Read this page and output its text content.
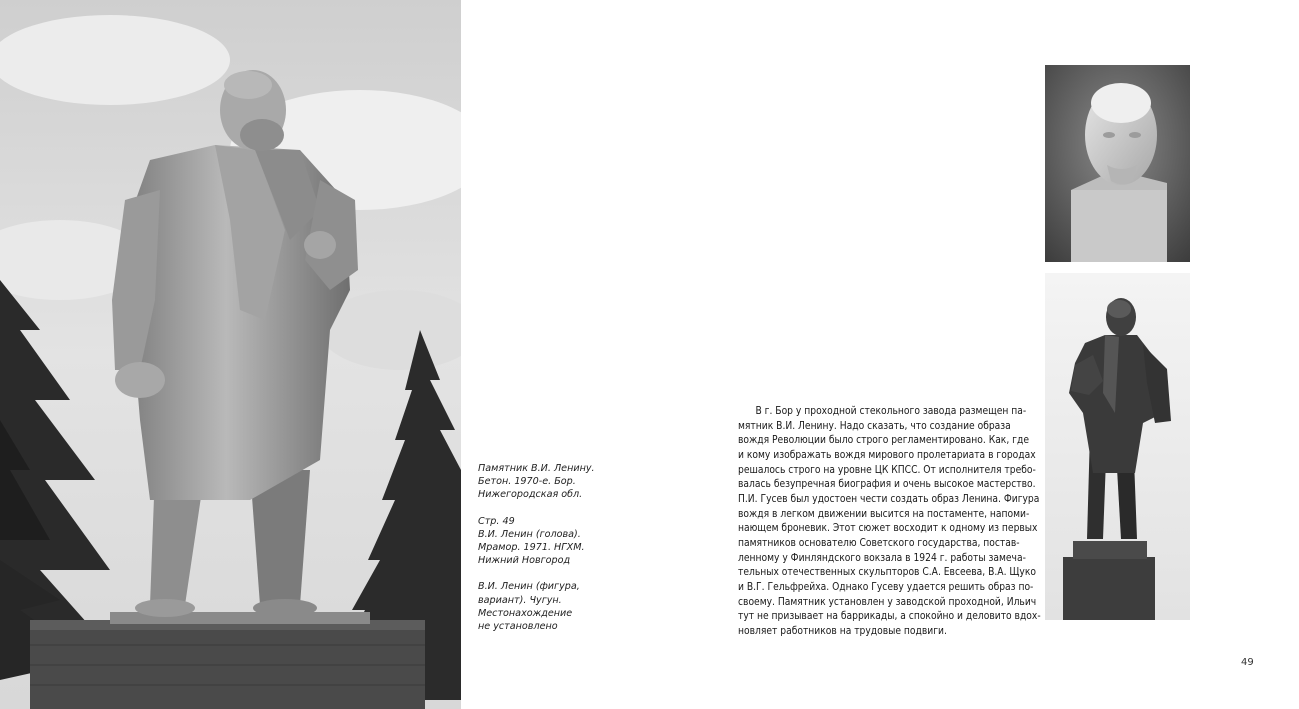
Памятник В.И. Ленину.
Бетон. 1970-е. Бор.
Нижегородская обл.

Стр. 49
В.И. Ленин (голова).
Мрамор. 1971. НГХМ.
Нижний Новгород

В.И. Ленин (фигура,
вариант). Чугун.
Местонахождение
не установлено

В г. Бор у проходной стекольного завода размещен па-
мятник В.И. Ленину. Надо сказать, что создание образа
вождя Революции было строго регламентировано. Как, где
и кому изображать вождя мирового пролетариата в городах
решалось строго на уровне ЦК КПСС. От исполнителя требо-
валась безупречная биография и очень высокое мастерство.
П.И. Гусев был удостоен чести создать образ Ленина. Фигура
вождя в легком движении высится на постаменте, напоми-
нающем броневик. Этот сюжет восходит к одному из первых
памятников основателю Советского государства, постав-
ленному у Финляндского вокзала в 1924 г. работы замеча-
тельных отечественных скульпторов С.А. Евсеева, В.А. Щуко
и В.Г. Гельфрейха. Однако Гусеву удается решить образ по-
своему. Памятник установлен у заводской проходной, Ильич
тут не призывает на баррикады, а спокойно и деловито вдох-
новляет работников на трудовые подвиги.
49
